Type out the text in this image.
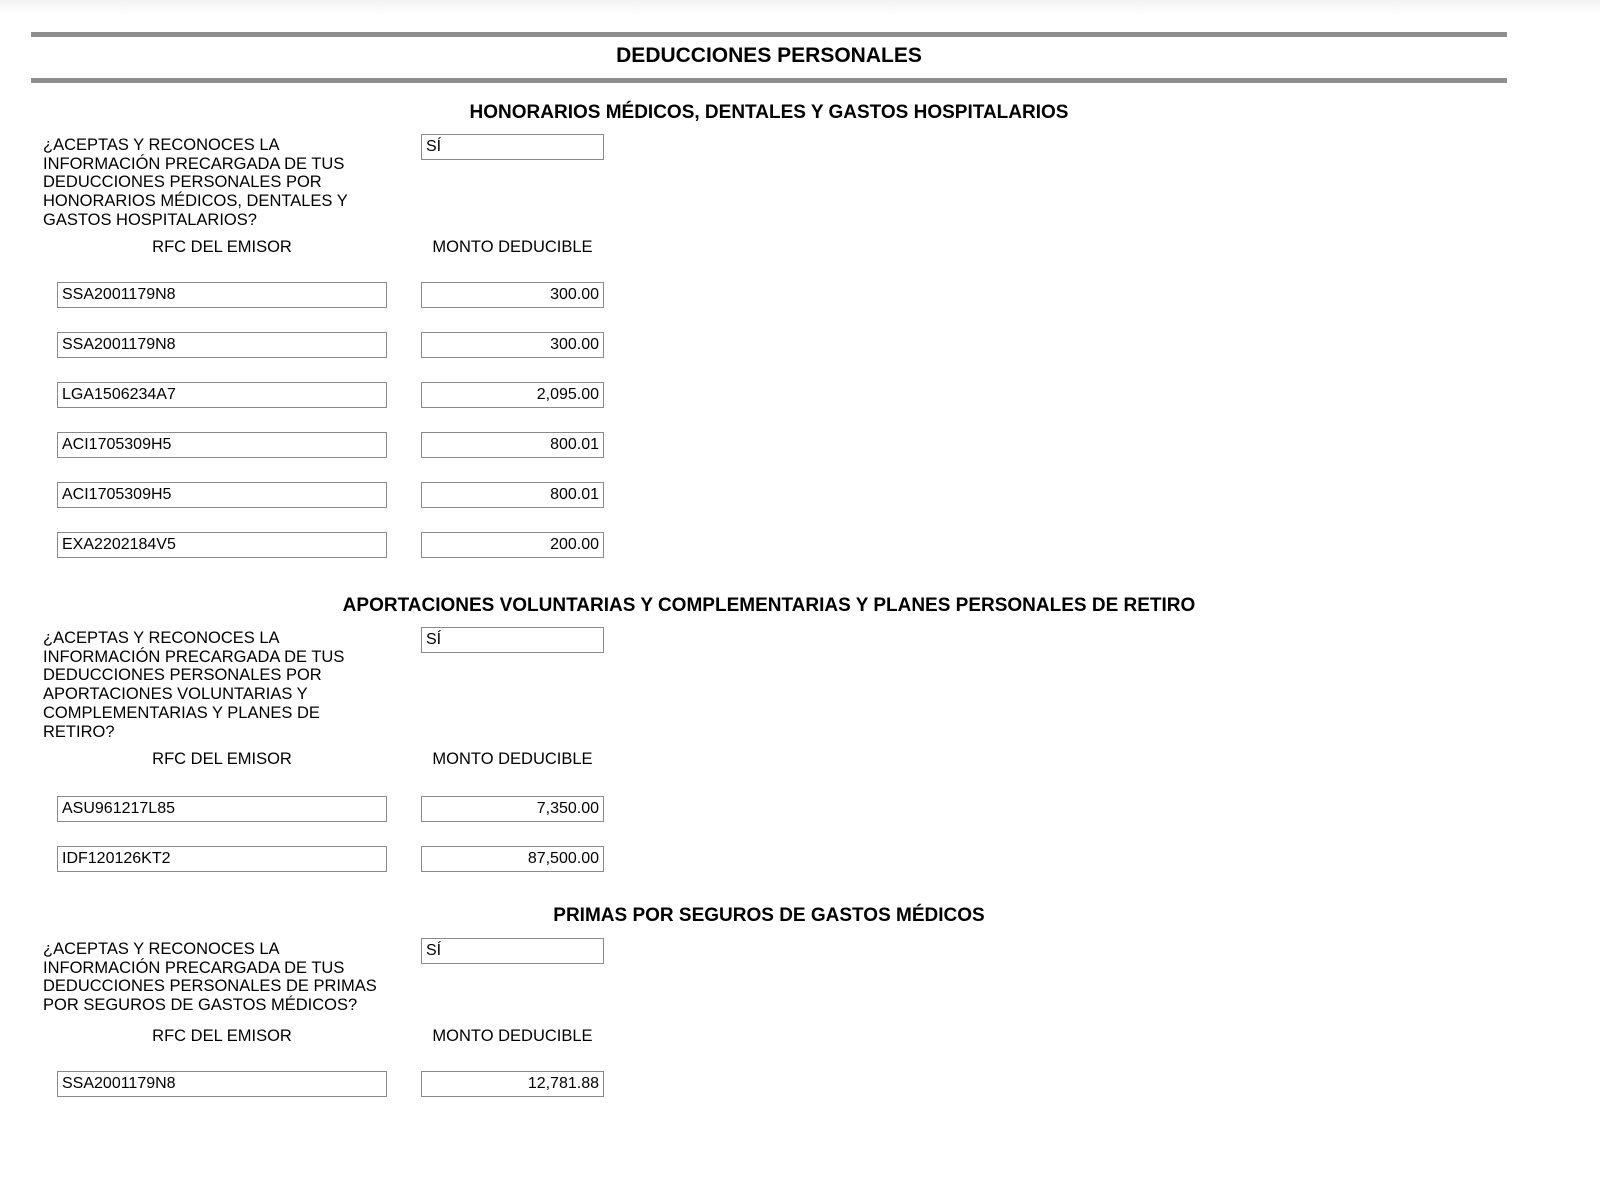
DEDUCCIONES PERSONALES
HONORARIOS MÉDICOS, DENTALES Y GASTOS HOSPITALARIOS
¿ACEPTAS Y RECONOCES LA
INFORMACIÓN PRECARGADA DE TUS
DEDUCCIONES PERSONALES POR
HONORARIOS MÉDICOS, DENTALES Y
GASTOS HOSPITALARIOS?
SÍ
RFC DEL EMISOR	MONTO DEDUCIBLE
SSA2001179N8	300.00
SSA2001179N8	300.00
LGA1506234A7	2,095.00
ACI1705309H5	800.01
ACI1705309H5	800.01
EXA2202184V5	200.00
APORTACIONES VOLUNTARIAS Y COMPLEMENTARIAS Y PLANES PERSONALES DE RETIRO
¿ACEPTAS Y RECONOCES LA
INFORMACIÓN PRECARGADA DE TUS
DEDUCCIONES PERSONALES POR
APORTACIONES VOLUNTARIAS Y
COMPLEMENTARIAS Y PLANES DE
RETIRO?
SÍ
RFC DEL EMISOR	MONTO DEDUCIBLE
ASU961217L85	7,350.00
IDF120126KT2	87,500.00
PRIMAS POR SEGUROS DE GASTOS MÉDICOS
¿ACEPTAS Y RECONOCES LA
INFORMACIÓN PRECARGADA DE TUS
DEDUCCIONES PERSONALES DE PRIMAS
POR SEGUROS DE GASTOS MÉDICOS?
SÍ
RFC DEL EMISOR	MONTO DEDUCIBLE
SSA2001179N8	12,781.88
